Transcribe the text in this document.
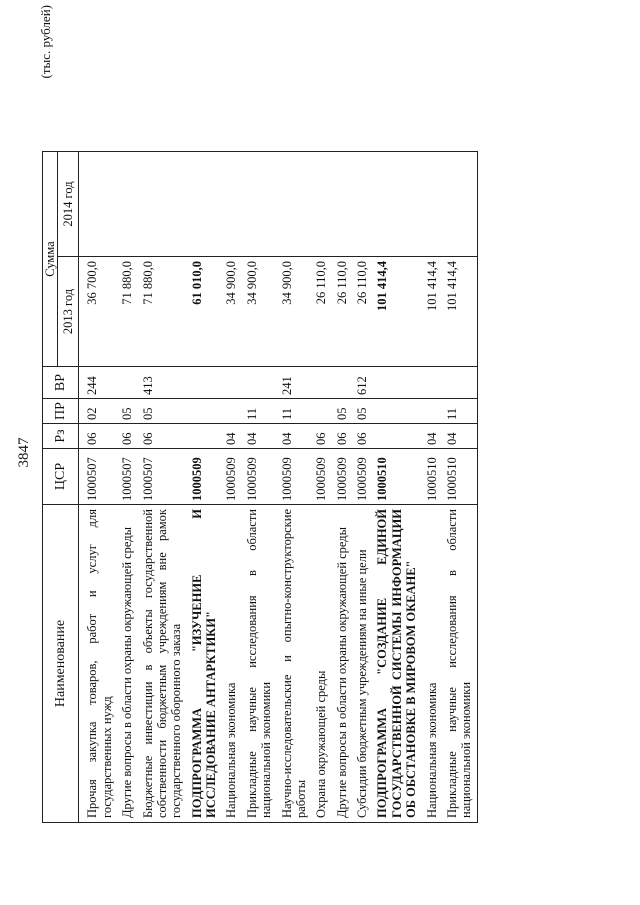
3847
(тыс. рублей)
Наименование	ЦСР	Рз	ПР	ВР	Сумма		
					2013 год	2014 год	

Прочая закупка товаров, работ и услуг для государственных нужд	1000507	06	02	244	36 700,0		
Другие вопросы в области охраны окружающей среды	1000507	06	05		71 880,0		
Бюджетные инвестиции в объекты государственной собственности бюджетным учреждениям вне рамок государственного оборонного заказа	1000507	06	05	413	71 880,0		
ПОДПРОГРАММА "ИЗУЧЕНИЕ И ИССЛЕДОВАНИЕ АНТАРКТИКИ"	1000509				61 010,0		
Национальная экономика	1000509	04			34 900,0		
Прикладные научные исследования в области национальной экономики	1000509	04	11		34 900,0		
Научно-исследовательские и опытно-конструкторские работы	1000509	04	11	241	34 900,0		
Охрана окружающей среды	1000509	06			26 110,0		
Другие вопросы в области охраны окружающей среды	1000509	06	05		26 110,0		
Субсидии бюджетным учреждениям на иные цели	1000509	06	05	612	26 110,0		
ПОДПРОГРАММА "СОЗДАНИЕ ЕДИНОЙ ГОСУДАРСТВЕННОЙ СИСТЕМЫ ИНФОРМАЦИИ ОБ ОБСТАНОВКЕ В МИРОВОМ ОКЕАНЕ"	1000510				101 414,4		
Национальная экономика	1000510	04			101 414,4		
Прикладные научные исследования в области национальной экономики	1000510	04	11		101 414,4		
